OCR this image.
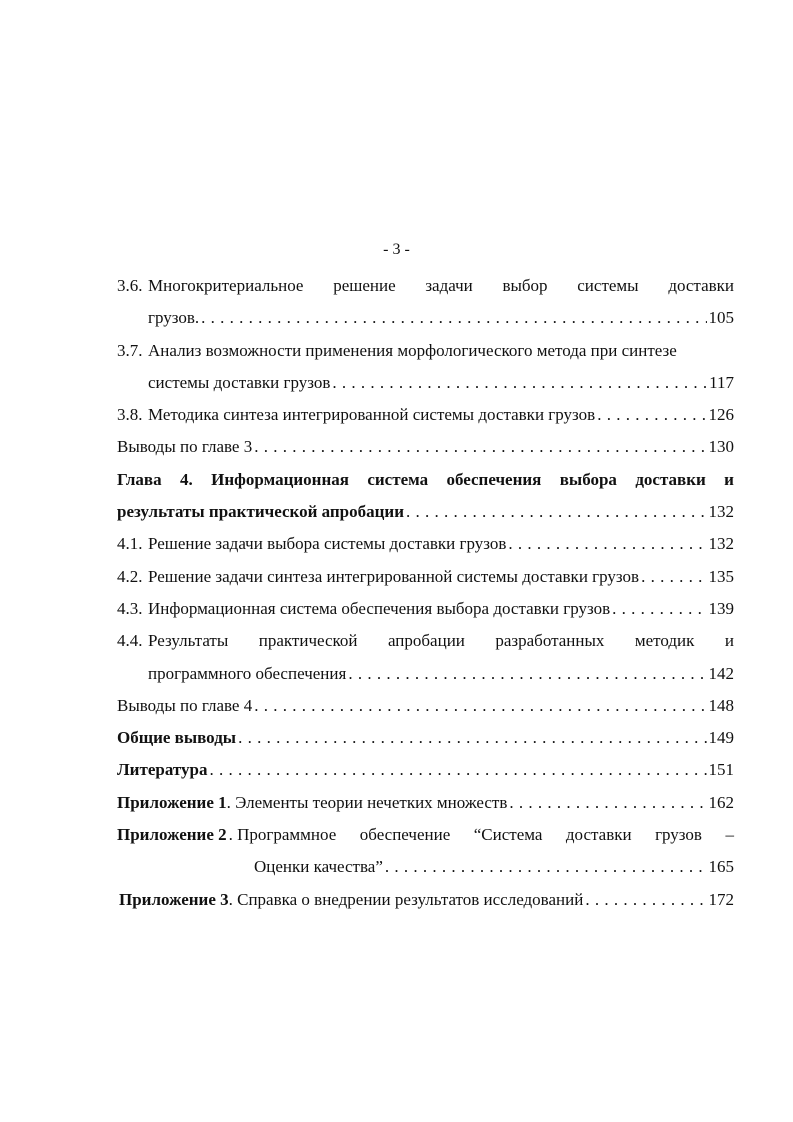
- 3 -
3.6. Многокритериальное решение задачи выбор системы доставки
грузов. . . .	105
3.7. Анализ возможности применения морфологического метода при синтезе
системы доставки грузов . . .	117
3.8. Методика синтеза интегрированной системы доставки грузов . . .	126
Выводы по главе 3 . . .	130
Глава 4. Информационная система обеспечения выбора доставки и
результаты практической апробации . . .	132
4.1. Решение задачи выбора системы доставки грузов . . .	132
4.2. Решение задачи синтеза интегрированной системы доставки грузов . . .	135
4.3. Информационная система обеспечения выбора доставки грузов . . .	139
4.4. Результаты практической апробации разработанных методик и
программного обеспечения . . .	142
Выводы по главе 4 . . .	148
Общие выводы . . .	149
Литература . . .	151
Приложение 1 . Элементы теории нечетких множеств . . .	162
Приложение 2 . Программное обеспечение “Система доставки грузов –
Оценки качества” . . .	165
Приложение 3 . Справка о внедрении результатов исследований . . .	172
